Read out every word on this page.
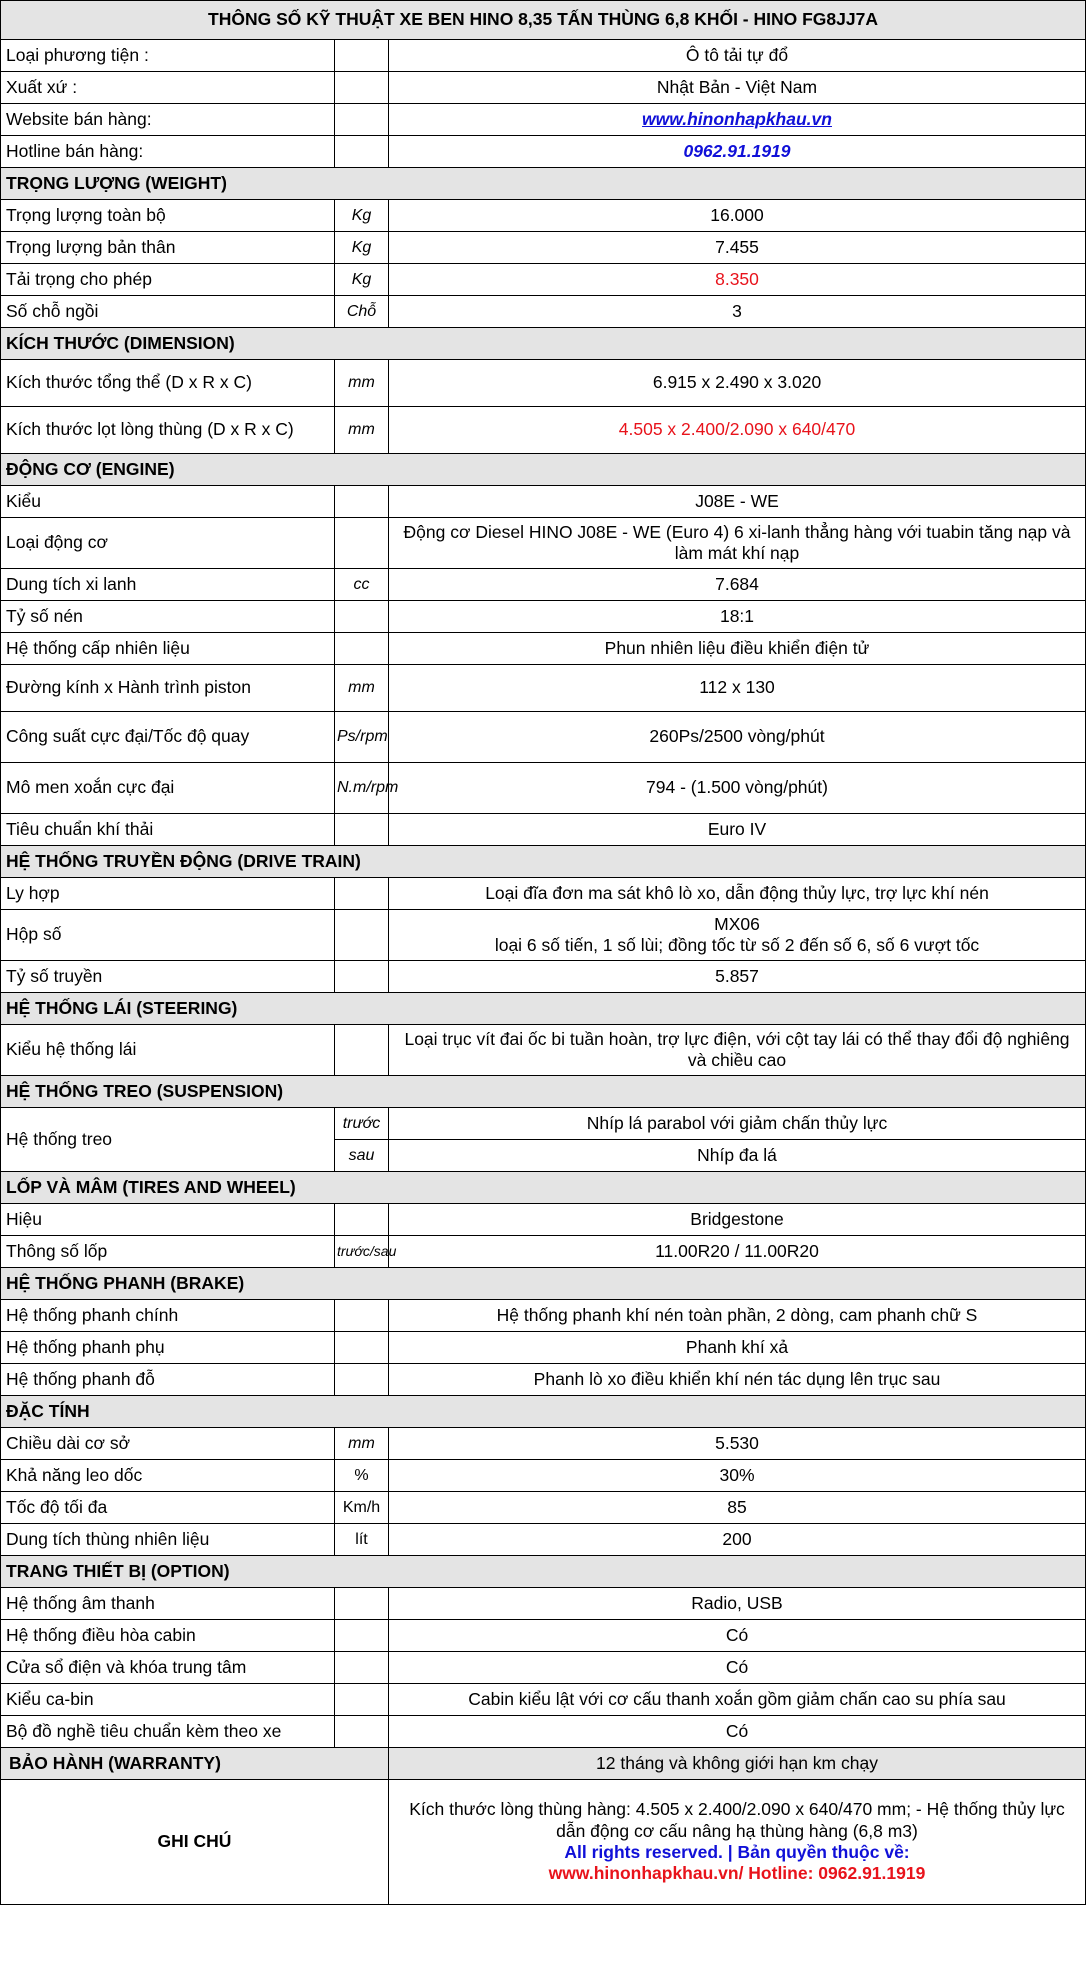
THÔNG SỐ KỸ THUẬT XE BEN HINO 8,35 TẤN THÙNG 6,8 KHỐI - HINO FG8JJ7A		
Loại phương tiện :		Ô tô tải tự đổ
Xuất xứ :		Nhật Bản - Việt Nam
Website bán hàng:		www.hinonhapkhau.vn
Hotline bán hàng:		0962.91.1919
TRỌNG LƯỢNG (WEIGHT)		
Trọng lượng toàn bộ	Kg	16.000
Trọng lượng bản thân	Kg	7.455
Tải trọng cho phép	Kg	8.350
Số chỗ ngồi	Chỗ	3
KÍCH THƯỚC (DIMENSION)		
Kích thước tổng thể (D x R x C)	mm	6.915 x 2.490 x 3.020
Kích thước lọt lòng thùng (D x R x C)	mm	4.505 x 2.400/2.090 x 640/470
ĐỘNG CƠ (ENGINE)		
Kiểu		J08E - WE
Loại động cơ		Động cơ Diesel HINO J08E - WE (Euro 4) 6 xi-lanh thẳng hàng với tuabin tăng nạp và làm mát khí nạp
Dung tích xi lanh	cc	7.684
Tỷ số nén		18:1
Hệ thống cấp nhiên liệu		Phun nhiên liệu điều khiển điện tử
Đường kính x Hành trình piston	mm	112 x 130
Công suất cực đại/Tốc độ quay	Ps/rpm	260Ps/2500 vòng/phút
Mô men xoắn cực đại	N.m/rpm	794 - (1.500 vòng/phút)
Tiêu chuẩn khí thải		Euro IV
HỆ THỐNG TRUYỀN ĐỘNG (DRIVE TRAIN)		
Ly hợp		Loại đĩa đơn ma sát khô lò xo, dẫn động thủy lực, trợ lực khí nén
Hộp số		MX06
loại 6 số tiến, 1 số lùi; đồng tốc từ số 2 đến số 6, số 6 vượt tốc

Tỷ số truyền		5.857
HỆ THỐNG LÁI (STEERING)		
Kiểu hệ thống lái		Loại trục vít đai ốc bi tuần hoàn, trợ lực điện, với cột tay lái có thể thay đổi độ nghiêng và chiều cao
HỆ THỐNG TREO (SUSPENSION)		
Hệ thống treo	trước	Nhíp lá parabol với giảm chấn thủy lực
	sau	Nhíp đa lá
LỐP VÀ MÂM (TIRES AND WHEEL)		
Hiệu		Bridgestone
Thông số lốp	trước/sau	11.00R20 / 11.00R20
HỆ THỐNG PHANH (BRAKE)		
Hệ thống phanh chính		Hệ thống phanh khí nén toàn phần, 2 dòng, cam phanh chữ S
Hệ thống phanh phụ		Phanh khí xả
Hệ thống phanh đỗ		Phanh lò xo điều khiển khí nén tác dụng lên trục sau
ĐẶC TÍNH		
Chiều dài cơ sở	mm	5.530
Khả năng leo dốc	%	30%
Tốc độ tối đa	Km/h	85
Dung tích thùng nhiên liệu	lít	200
TRANG THIẾT BỊ (OPTION)		
Hệ thống âm thanh		Radio, USB
Hệ thống điều hòa cabin		Có
Cửa sổ điện và khóa trung tâm		Có
Kiểu ca-bin		Cabin kiểu lật với cơ cấu thanh xoắn gồm giảm chấn cao su phía sau
Bộ đồ nghề tiêu chuẩn kèm theo xe		Có
BẢO HÀNH (WARRANTY)		12 tháng và không giới hạn km chạy
GHI CHÚ		Kích thước lòng thùng hàng: 4.505 x 2.400/2.090 x 640/470 mm; - Hệ thống thủy lực dẫn động cơ cấu nâng hạ thùng hàng (6,8 m3)
All rights reserved. | Bản quyền thuộc về:
www.hinonhapkhau.vn/ Hotline: 0962.91.1919
